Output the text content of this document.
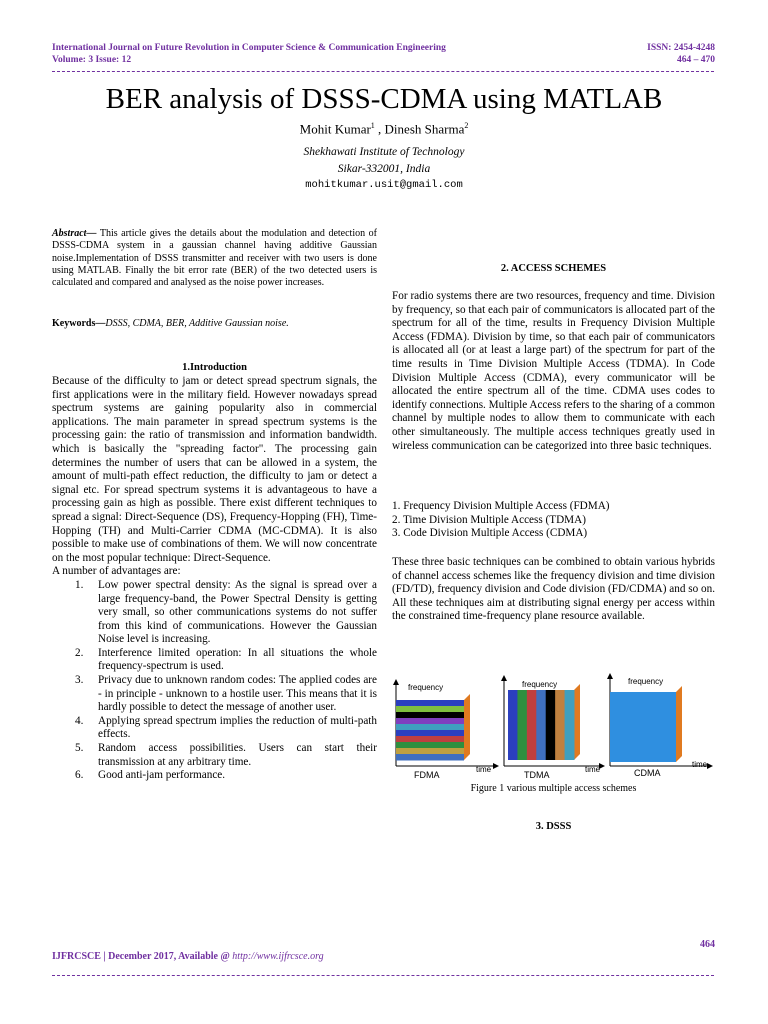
International Journal on Future Revolution in Computer Science & Communication Engineering
Volume: 3 Issue: 12
ISSN: 2454-4248
464 – 470
BER analysis of DSSS-CDMA using MATLAB
Mohit Kumar$^1$ , Dinesh Sharma$^2$
Shekhawati Institute of Technology
Sikar-332001, India
mohitkumar.usit@gmail.com
Abstract— This article gives the details about the modulation and detection of DSSS-CDMA system in a gaussian channel having additive Gaussian noise.Implementation of DSSS transmitter and receiver with two users is done using MATLAB. Finally the bit error rate (BER) of the two detected users is calculated and compared and analysed as the noise power increases.
Keywords—DSSS, CDMA, BER, Additive Gaussian noise.
1.Introduction
Because of the difficulty to jam or detect spread spectrum signals, the first applications were in the military field. However nowadays spread spectrum systems are gaining popularity also in commercial applications. The main parameter in spread spectrum systems is the processing gain: the ratio of transmission and information bandwidth. which is basically the "spreading factor". The processing gain determines the number of users that can be allowed in a system, the amount of multi-path effect reduction, the difficulty to jam or detect a signal etc. For spread spectrum systems it is advantageous to have a processing gain as high as possible. There exist different techniques to spread a signal: Direct-Sequence (DS), Frequency-Hopping (FH), Time-Hopping (TH) and Multi-Carrier CDMA (MC-CDMA). It is also possible to make use of combinations of them. We will now concentrate on the most popular technique: Direct-Sequence.
A number of advantages are:
1. Low power spectral density: As the signal is spread over a large frequency-band, the Power Spectral Density is getting very small, so other communications systems do not suffer from this kind of communications. However the Gaussian Noise level is increasing.
2. Interference limited operation: In all situations the whole frequency-spectrum is used.
3. Privacy due to unknown random codes: The applied codes are - in principle - unknown to a hostile user. This means that it is hardly possible to detect the message of another user.
4. Applying spread spectrum implies the reduction of multi-path effects.
5. Random access possibilities. Users can start their transmission at any arbitrary time.
6. Good anti-jam performance.
2. ACCESS SCHEMES
For radio systems there are two resources, frequency and time. Division by frequency, so that each pair of communicators is allocated part of the spectrum for all of the time, results in Frequency Division Multiple Access (FDMA). Division by time, so that each pair of communicators is allocated all (or at least a large part) of the spectrum for part of the time results in Time Division Multiple Access (TDMA). In Code Division Multiple Access (CDMA), every communicator will be allocated the entire spectrum all of the time. CDMA uses codes to identify connections. Multiple Access refers to the sharing of a common channel by multiple nodes to allow them to communicate with each other simultaneously. The multiple access techniques greatly used in wireless communication can be categorized into three basic techniques.
1. Frequency Division Multiple Access (FDMA)
2. Time Division Multiple Access (TDMA)
3. Code Division Multiple Access (CDMA)
These three basic techniques can be combined to obtain various hybrids of channel access schemes like the frequency division and time division (FD/TD), frequency division and Code division (FD/CDMA) and so on. All these techniques aim at distributing signal energy per access within the constrained time-frequency plane resource available.
frequency
time
FDMA
frequency
time
TDMA
frequency
time
CDMA
Figure 1 various multiple access schemes
3. DSSS
464
IJFRCSCE | December 2017, Available @ http://www.ijfrcsce.org
